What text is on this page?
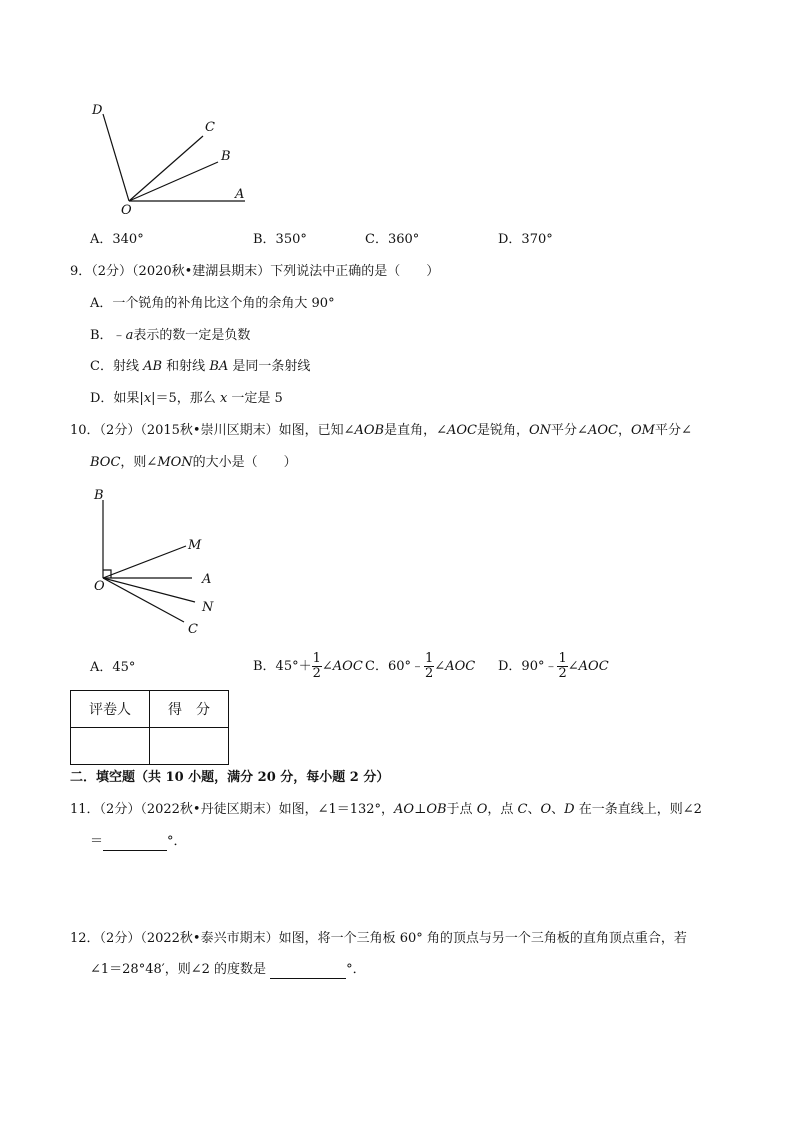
D
C
B
A
O
A．340°	B．350°	C．360°	D．370°
9．（2分）（2020秋•建湖县期末）下列说法中正确的是（　　）
A．一个锐角的补角比这个角的余角大 90°
B．﹣a表示的数一定是负数
C．射线 AB 和射线 BA 是同一条射线
D．如果|x|＝5，那么 x 一定是 5
10．（2分）（2015秋•崇川区期末）如图，已知∠AOB是直角，∠AOC是锐角，ON平分∠AOC，OM平分∠
BOC，则∠MON的大小是（　　）
B
M
A
O
N
C
A．45°	B．$45^\circ+ \frac{1}{2}$ ∠AOC C．60°﹣ $\frac{1}{2}$ ∠AOC D．90°﹣ $\frac{1}{2}$ ∠AOC
评卷人	得　分

二．填空题（共 10 小题，满分 20 分，每小题 2 分）
11．（2分）（2022秋•丹徒区期末）如图，∠1＝132°，AO⊥OB于点 O，点 C、O、D 在一条直线上，则∠2
＝	°．
12．（2分）（2022秋•泰兴市期末）如图，将一个三角板 60° 角的顶点与另一个三角板的直角顶点重合，若
∠1＝28°48′，则∠2 的度数是	°．
